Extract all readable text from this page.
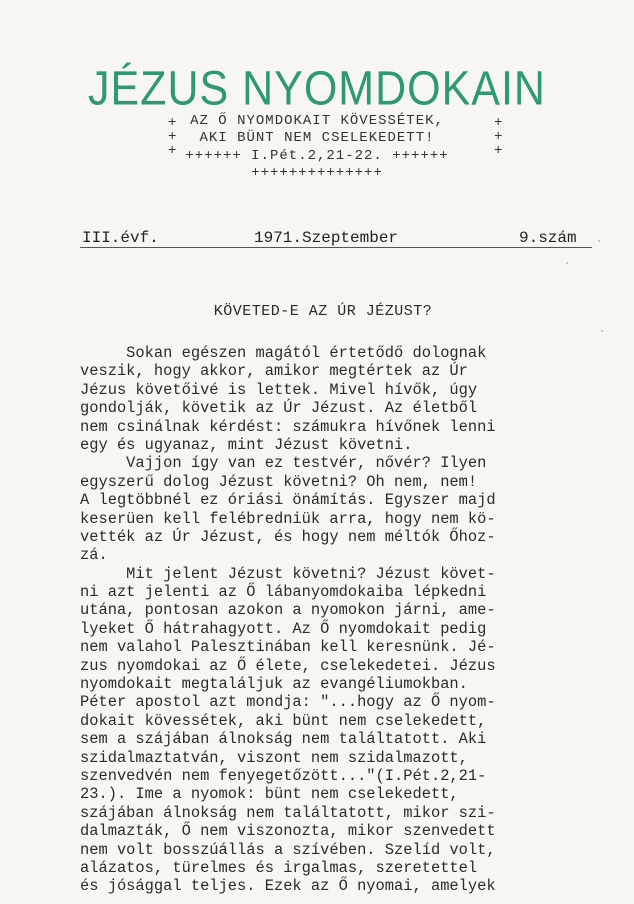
JÉZUS NYOMDOKAIN
+
+
+
+
+
+
AZ Ő NYOMDOKAIT KÖVESSÉTEK,
AKI BÜNT NEM CSELEKEDETT!
++++++ I.Pét.2,21-22. ++++++
++++++++++++++
III.évf.	1971.Szeptember	9.szám
KÖVETED-E AZ ÚR JÉZUST?
Sokan egészen magától értetődő dolognak
veszik, hogy akkor, amikor megtértek az Úr
Jézus követőivé is lettek. Mivel hívők, úgy
gondolják, követik az Úr Jézust. Az életből
nem csinálnak kérdést: számukra hívőnek lenni
egy és ugyanaz, mint Jézust követni.
Vajjon így van ez testvér, nővér? Ilyen
egyszerű dolog Jézust követni? Oh nem, nem!
A legtöbbnél ez óriási önámítás. Egyszer majd
keserüen kell felébredniük arra, hogy nem kö-
vették az Úr Jézust, és hogy nem méltók Őhoz-
zá.
Mit jelent Jézust követni? Jézust követ-
ni azt jelenti az Ő lábanyomdokaiba lépkedni
utána, pontosan azokon a nyomokon járni, ame-
lyeket Ő hátrahagyott. Az Ő nyomdokait pedig
nem valahol Palesztinában kell keresnünk. Jé-
zus nyomdokai az Ő élete, cselekedetei. Jézus
nyomdokait megtaláljuk az evangéliumokban.
Péter apostol azt mondja: "...hogy az Ő nyom-
dokait kövessétek, aki bünt nem cselekedett,
sem a szájában álnokság nem találtatott. Aki
szidalmaztatván, viszont nem szidalmazott,
szenvedvén nem fenyegetőzött..."(I.Pét.2,21-
23.). Ime a nyomok: bünt nem cselekedett,
szájában álnokság nem találtatott, mikor szi-
dalmazták, Ő nem viszonozta, mikor szenvedett
nem volt bosszúállás a szívében. Szelíd volt,
alázatos, türelmes és irgalmas, szeretettel
és jósággal teljes. Ezek az Ő nyomai, amelyek
